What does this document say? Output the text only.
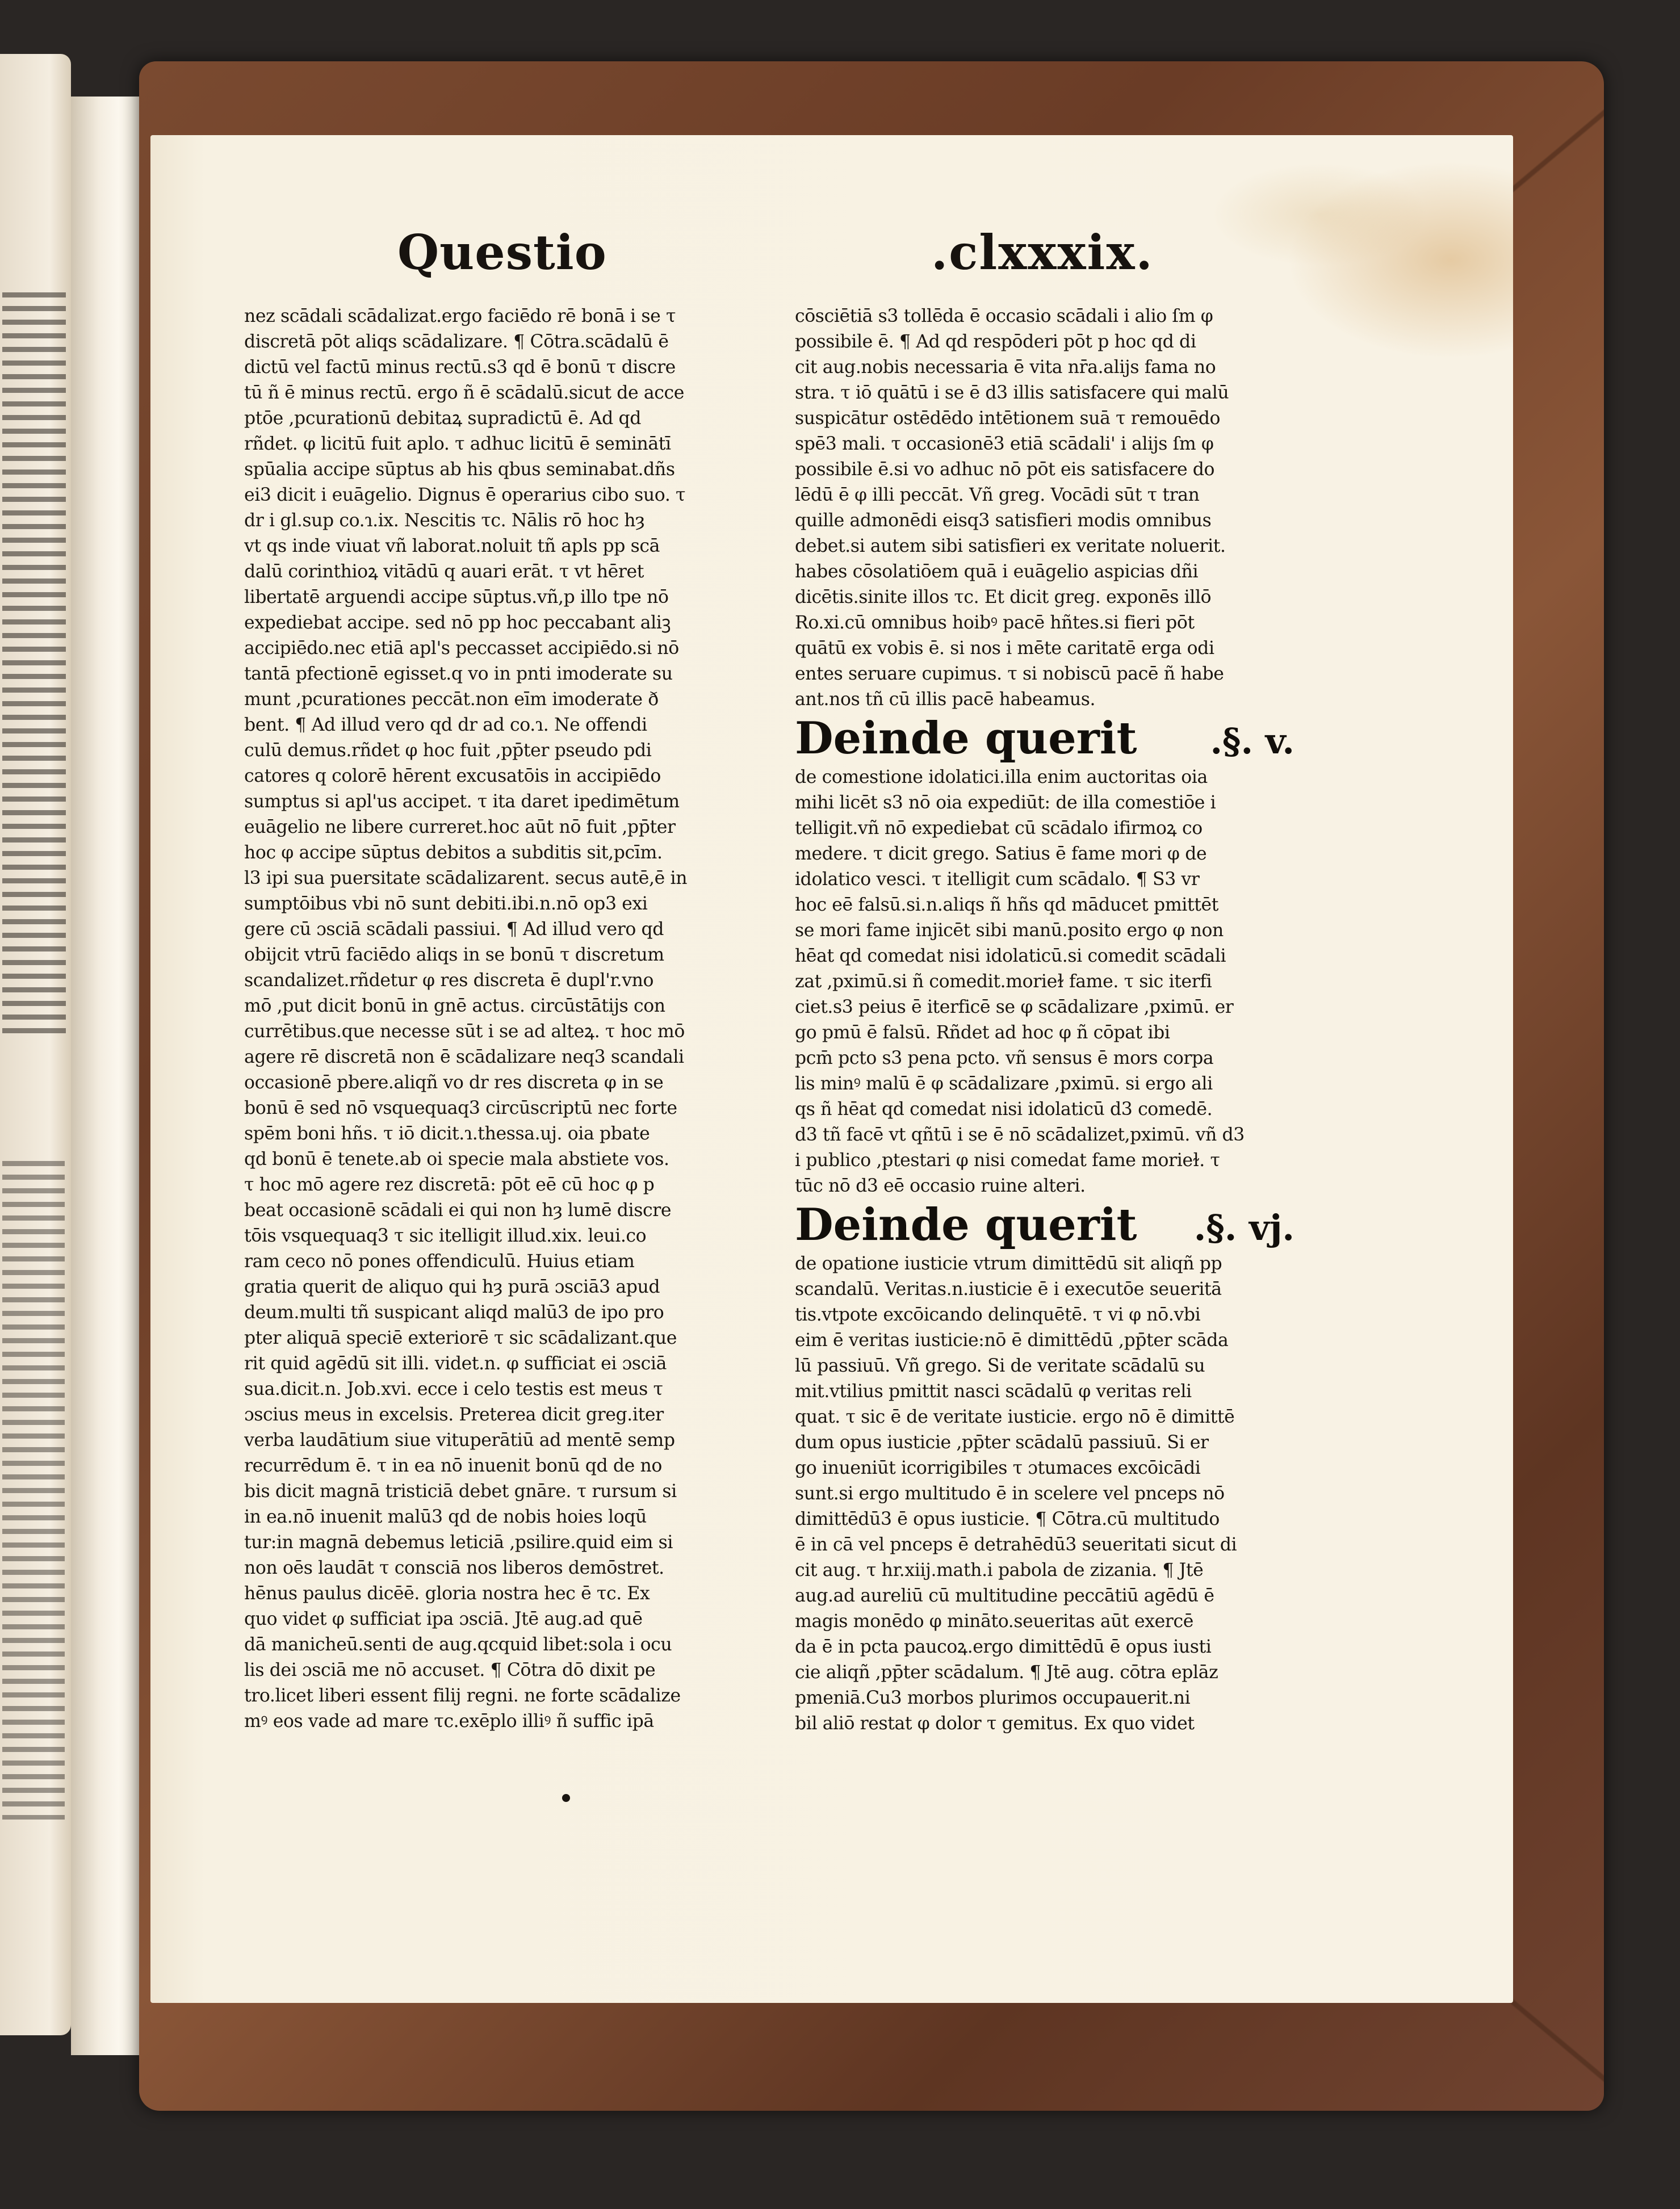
Questio	.clxxxix.
nez scādali scādalizat.ergo faciēdo rē bonā i se τ
discretā pōt aliqs scādalizare. ¶ Cōtra.scādalū ē
dictū vel factū minus rectū.s3 qd ē bonū τ discre
tū ñ ē minus rectū. ergo ñ ē scādalū.sicut de acce
ptōe ,pcurationū debitaꝝ supradictū ē. Ad qd
rñdet. φ licitū fuit aplo. τ adhuc licitū ē seminātī
spūalia accipe sūptus ab his qbus seminabat.dñs
ei3 dicit i euāgelio. Dignus ē operarius cibo suo. τ
dr i gl.sup co.ɿ.ix. Nescitis τc. Nālis rō hoc hȝ
vt qs inde viuat vñ laborat.noluit tñ apls pp scā
dalū corinthioꝝ vitādū q auari erāt. τ vt hēret
libertatē arguendi accipe sūptus.vñ,p illo tpe nō
expediebat accipe. sed nō pp hoc peccabant aliꝫ
accipiēdo.nec etiā apl's peccasset accipiēdo.si nō
tantā pfectionē egisset.q vo in pnti imoderate su
munt ,pcurationes peccāt.non eīm imoderate ð
bent. ¶ Ad illud vero qd dr ad co.ɿ. Ne offendi
culū demus.rñdet φ hoc fuit ,pp̄ter pseudo pdi
catores q colorē hērent excusatōis in accipiēdo
sumptus si apl'us accipet. τ ita daret ipedimētum
euāgelio ne libere curreret.hoc aūt nō fuit ,pp̄ter
hoc φ accipe sūptus debitos a subditis sit,pcīm.
l3 ipi sua puersitate scādalizarent. secus autē,ē in
sumptōibus vbi nō sunt debiti.ibi.n.nō op3 exi
gere cū ɔsciā scādali passiui. ¶ Ad illud vero qd
obijcit vtrū faciēdo aliqs in se bonū τ discretum
scandalizet.rñdetur φ res discreta ē dupl'r.vno
mō ,put dicit bonū in gnē actus. circūstātijs con
currētibus.que necesse sūt i se ad alteꝝ. τ hoc mō
agere rē discretā non ē scādalizare neq3 scandali
occasionē pbere.aliqñ vo dr res discreta φ in se
bonū ē sed nō vsquequaq3 circūscriptū nec forte
spēm boni hñs. τ iō dicit.ɿ.thessa.uj. oia pbate
qd bonū ē tenete.ab oi specie mala abstiete vos.
τ hoc mō agere rez discretā: pōt eē cū hoc φ p
beat occasionē scādali ei qui non hȝ lumē discre
tōis vsquequaq3 τ sic itelligit illud.xix. leui.co
ram ceco nō pones offendiculū. Huius etiam
gratia querit de aliquo qui hȝ purā ɔsciā3 apud
deum.multi tñ suspicant aliqd malū3 de ipo pro
pter aliquā speciē exteriorē τ sic scādalizant.que
rit quid agēdū sit illi. videt.n. φ sufficiat ei ɔsciā
sua.dicit.n. Job.xvi. ecce i celo testis est meus τ
ɔscius meus in excelsis. Preterea dicit greg.iter
verba laudātium siue vituperātiū ad mentē semp
recurrēdum ē. τ in ea nō inuenit bonū qd de no
bis dicit magnā tristiciā debet gnāre. τ rursum si
in ea.nō inuenit malū3 qd de nobis hoies loqū
tur:in magnā debemus leticiā ,psilire.quid eim si
non oēs laudāt τ consciā nos liberos demōstret.
hēnus paulus dicēē. gloria nostra hec ē τc. Ex
quo videt φ sufficiat ipa ɔsciā. Jtē aug.ad quē
dā manicheū.senti de aug.qcquid libet:sola i ocu
lis dei ɔsciā me nō accuset. ¶ Cōtra dō dixit pe
tro.licet liberi essent filij regni. ne forte scādalize
mꝰ eos vade ad mare τc.exēplo illiꝰ ñ suffic ipā
cōsciētiā s3 tollēda ē occasio scādali i alio ſm φ
possibile ē. ¶ Ad qd respōderi pōt p hoc qd di
cit aug.nobis necessaria ē vita nr̄a.alijs fama no
stra. τ iō quātū i se ē d3 illis satisfacere qui malū
suspicātur ostēdēdo intētionem suā τ remouēdo
spē3 mali. τ occasionē3 etiā scādali' i alijs ſm φ
possibile ē.si vo adhuc nō pōt eis satisfacere do
lēdū ē φ illi peccāt. Vñ greg. Vocādi sūt τ tran
quille admonēdi eisq3 satisfieri modis omnibus
debet.si autem sibi satisfieri ex veritate noluerit.
habes cōsolatiōem quā i euāgelio aspicias dñi
dicētis.sinite illos τc. Et dicit greg. exponēs illō
Ro.xi.cū omnibus hoibꝰ pacē hñtes.si fieri pōt
quātū ex vobis ē. si nos i mēte caritatē erga odi
entes seruare cupimus. τ si nobiscū pacē ñ habe
ant.nos tñ cū illis pacē habeamus.
Deinde querit .§. v.
de comestione idolatici.illa enim auctoritas oia
mihi licēt s3 nō oia expediūt: de illa comestiōe i
telligit.vñ nō expediebat cū scādalo ifirmoꝝ co
medere. τ dicit grego. Satius ē fame mori φ de
idolatico vesci. τ itelligit cum scādalo. ¶ S3 vr
hoc eē falsū.si.n.aliqs ñ hñs qd māducet pmittēt
se mori fame injicēt sibi manū.posito ergo φ non
hēat qd comedat nisi idolaticū.si comedit scādali
zat ,pximū.si ñ comedit.morieɫ fame. τ sic iterfi
ciet.s3 peius ē iterficē se φ scādalizare ,pximū. er
go pmū ē falsū. Rñdet ad hoc φ ñ cōpat ibi
pcm̄ pcto s3 pena pcto. vñ sensus ē mors corpa
lis minꝰ malū ē φ scādalizare ,pximū. si ergo ali
qs ñ hēat qd comedat nisi idolaticū d3 comedē.
d3 tñ facē vt qñtū i se ē nō scādalizet,pximū. vñ d3
i publico ,ptestari φ nisi comedat fame morieɫ. τ
tūc nō d3 eē occasio ruine alteri.
Deinde querit .§. vj.
de opatione iusticie vtrum dimittēdū sit aliqñ pp
scandalū. Veritas.n.iusticie ē i executōe seueritā
tis.vtpote excōicando delinquētē. τ vi φ nō.vbi
eim ē veritas iusticie:nō ē dimittēdū ,pp̄ter scāda
lū passiuū. Vñ grego. Si de veritate scādalū su
mit.vtilius pmittit nasci scādalū φ veritas reli
quat. τ sic ē de veritate iusticie. ergo nō ē dimittē
dum opus iusticie ,pp̄ter scādalū passiuū. Si er
go inueniūt icorrigibiles τ ɔtumaces excōicādi
sunt.si ergo multitudo ē in scelere vel pnceps nō
dimittēdū3 ē opus iusticie. ¶ Cōtra.cū multitudo
ē in cā vel pnceps ē detrahēdū3 seueritati sicut di
cit aug. τ hr.xiij.math.i pabola de zizania. ¶ Jtē
aug.ad aureliū cū multitudine peccātiū agēdū ē
magis monēdo φ mināto.seueritas aūt exercē
da ē in pcta paucoꝝ.ergo dimittēdū ē opus iusti
cie aliqñ ,pp̄ter scādalum. ¶ Jtē aug. cōtra eplāz
pmeniā.Cu3 morbos plurimos occupauerit.ni
bil aliō restat φ dolor τ gemitus. Ex quo videt
